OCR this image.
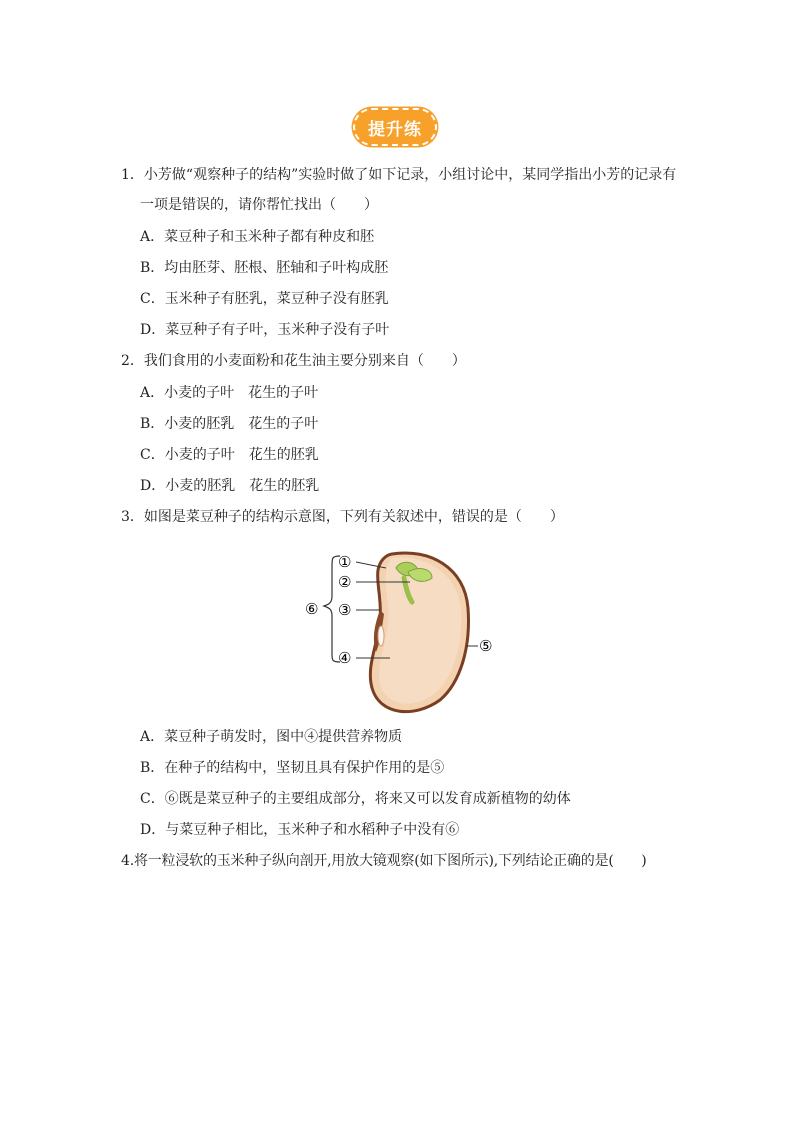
提升练
1．小芳做“观察种子的结构”实验时做了如下记录，小组讨论中，某同学指出小芳的记录有
一项是错误的，请你帮忙找出（　　）
A．菜豆种子和玉米种子都有种皮和胚
B．均由胚芽、胚根、胚轴和子叶构成胚
C．玉米种子有胚乳，菜豆种子没有胚乳
D．菜豆种子有子叶，玉米种子没有子叶
2．我们食用的小麦面粉和花生油主要分别来自（　　）
A．小麦的子叶　花生的子叶
B．小麦的胚乳　花生的子叶
C．小麦的子叶　花生的胚乳
D．小麦的胚乳　花生的胚乳
3．如图是菜豆种子的结构示意图，下列有关叙述中，错误的是（　　）
①
②
③
④
⑤
⑥
A．菜豆种子萌发时，图中④提供营养物质
B．在种子的结构中，坚韧且具有保护作用的是⑤
C．⑥既是菜豆种子的主要组成部分，将来又可以发育成新植物的幼体
D．与菜豆种子相比，玉米种子和水稻种子中没有⑥
4.将一粒浸软的玉米种子纵向剖开,用放大镜观察(如下图所示),下列结论正确的是(　　)
